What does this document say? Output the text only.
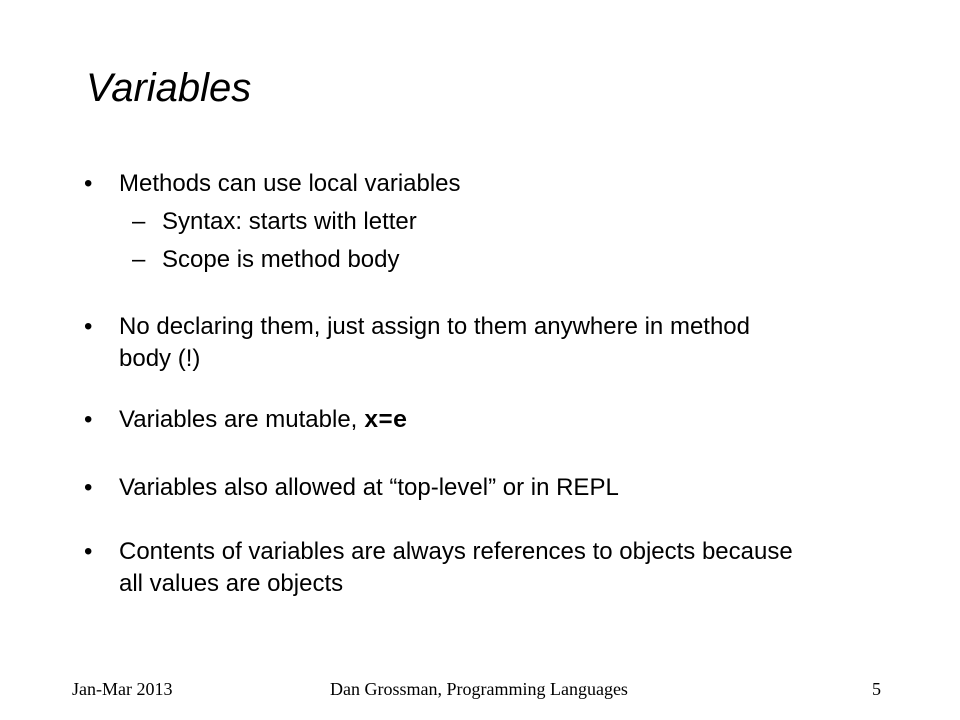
Variables
• Methods can use local variables
– Syntax: starts with letter
– Scope is method body
• No declaring them, just assign to them anywhere in method
body (!)
• Variables are mutable, x=e
• Variables also allowed at “top-level” or in REPL
• Contents of variables are always references to objects because
all values are objects
Jan-Mar 2013	Dan Grossman, Programming Languages	5
